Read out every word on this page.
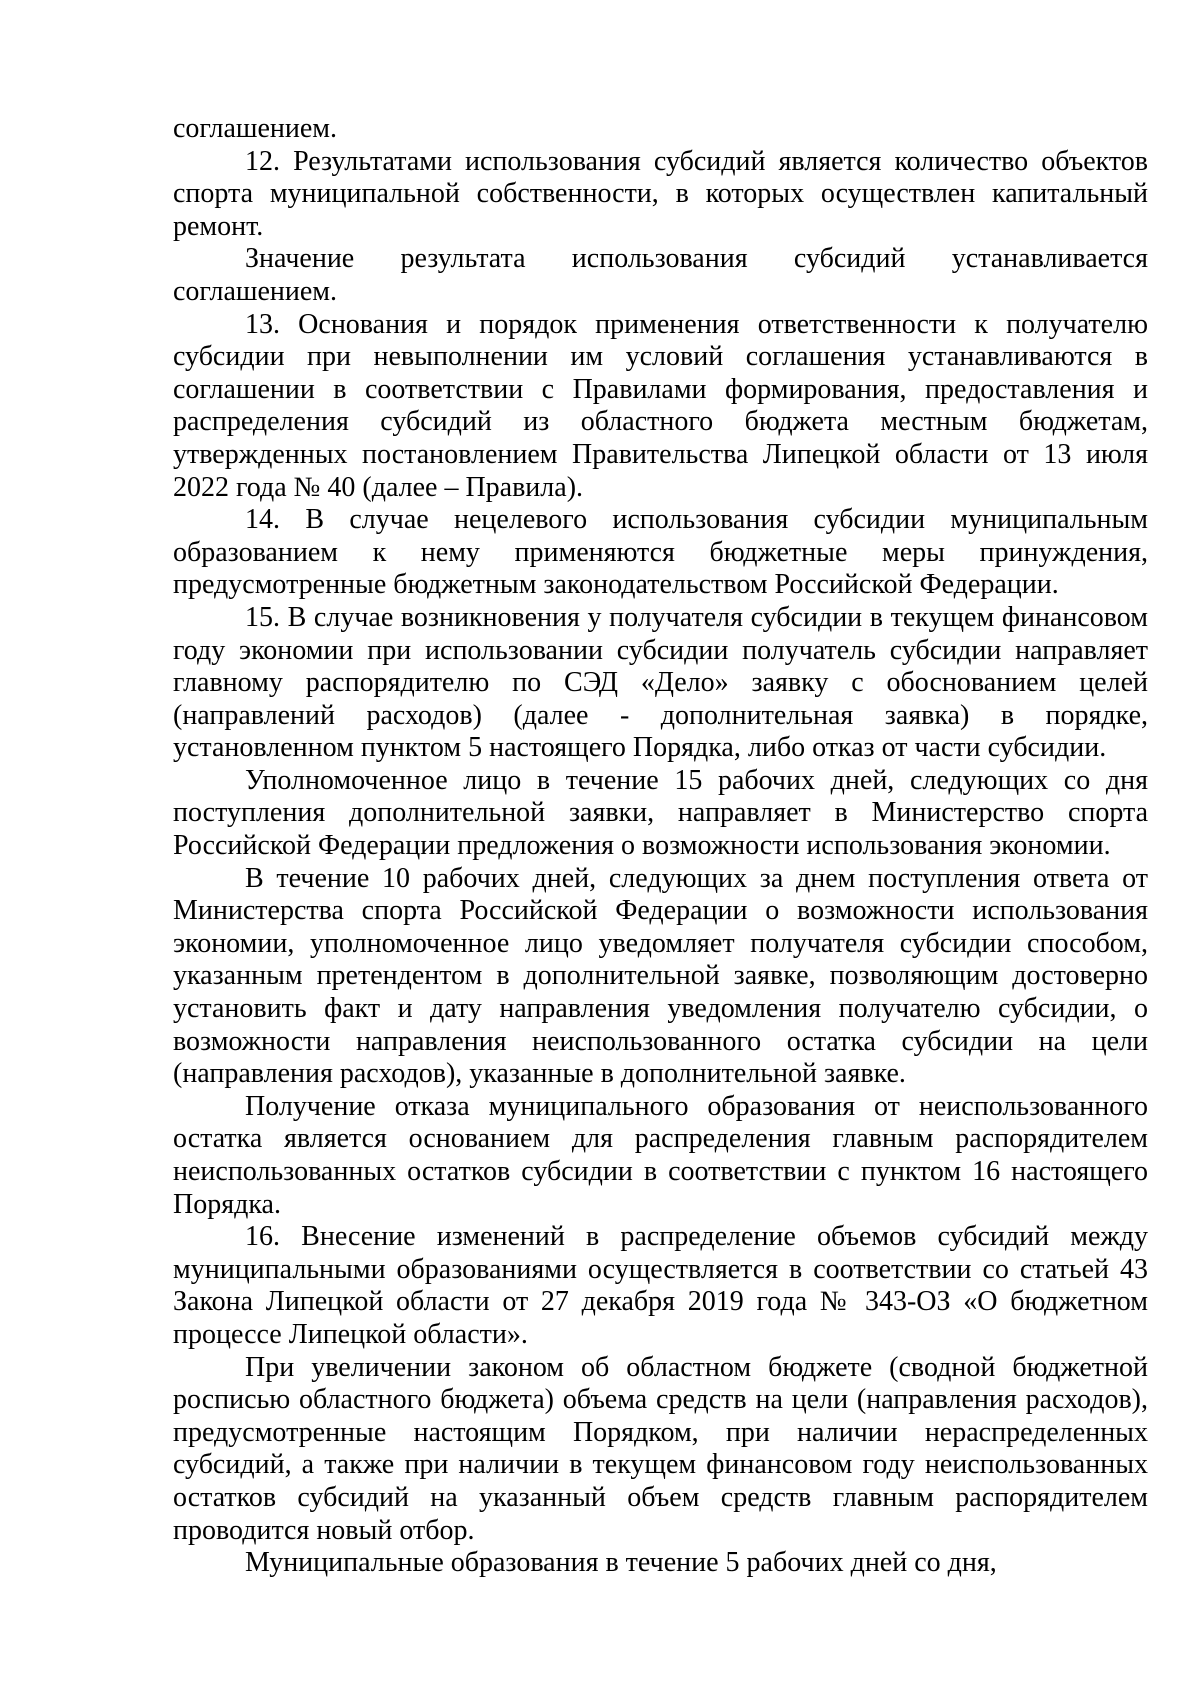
соглашением.

12. Результатами использования субсидий является количество объектов спорта муниципальной собственности, в которых осуществлен капитальный ремонт.

Значение результата использования субсидий устанавливается соглашением.

13. Основания и порядок применения ответственности к получателю субсидии при невыполнении им условий соглашения устанавливаются в соглашении в соответствии с Правилами формирования, предоставления и распределения субсидий из областного бюджета местным бюджетам, утвержденных постановлением Правительства Липецкой области от 13 июля 2022 года № 40 (далее – Правила).

14. В случае нецелевого использования субсидии муниципальным образованием к нему применяются бюджетные меры принуждения, предусмотренные бюджетным законодательством Российской Федерации.

15. В случае возникновения у получателя субсидии в текущем финансовом году экономии при использовании субсидии получатель субсидии направляет главному распорядителю по СЭД «Дело» заявку с обоснованием целей (направлений расходов) (далее - дополнительная заявка) в порядке, установленном пунктом 5 настоящего Порядка, либо отказ от части субсидии.

Уполномоченное лицо в течение 15 рабочих дней, следующих со дня поступления дополнительной заявки, направляет в Министерство спорта Российской Федерации предложения о возможности использования экономии.

В течение 10 рабочих дней, следующих за днем поступления ответа от Министерства спорта Российской Федерации о возможности использования экономии, уполномоченное лицо уведомляет получателя субсидии способом, указанным претендентом в дополнительной заявке, позволяющим достоверно установить факт и дату направления уведомления получателю субсидии, о возможности направления неиспользованного остатка субсидии на цели (направления расходов), указанные в дополнительной заявке.

Получение отказа муниципального образования от неиспользованного остатка является основанием для распределения главным распорядителем неиспользованных остатков субсидии в соответствии с пунктом 16 настоящего Порядка.

16. Внесение изменений в распределение объемов субсидий между муниципальными образованиями осуществляется в соответствии со статьей 43 Закона Липецкой области от 27 декабря 2019 года № 343-ОЗ «О бюджетном процессе Липецкой области».

При увеличении законом об областном бюджете (сводной бюджетной росписью областного бюджета) объема средств на цели (направления расходов), предусмотренные настоящим Порядком, при наличии нераспределенных субсидий, а также при наличии в текущем финансовом году неиспользованных остатков субсидий на указанный объем средств главным распорядителем проводится новый отбор.

Муниципальные образования в течение 5 рабочих дней со дня,
